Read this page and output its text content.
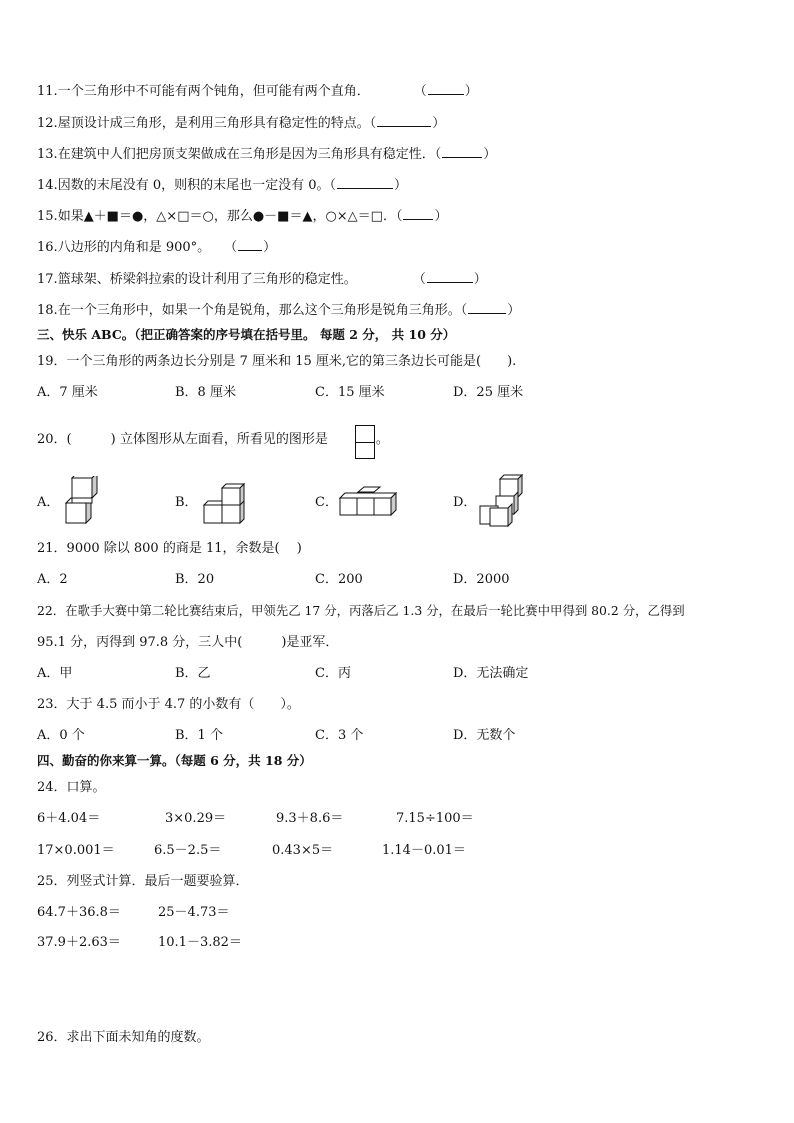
11.一个三角形中不可能有两个钝角，但可能有两个直角．	（	）
12.屋顶设计成三角形，是利用三角形具有稳定性的特点。（	）
13.在建筑中人们把房顶支架做成在三角形是因为三角形具有稳定性．（	）
14.因数的末尾没有 0，则积的末尾也一定没有 0。（	）
15.如果▲＋■＝●，△×□＝○，那么●－■＝▲，○×△＝□．（ ）
16.八边形的内角和是 900°。 （ ）
17.篮球架、桥梁斜拉索的设计利用了三角形的稳定性。	（	）
18.在一个三角形中，如果一个角是锐角，那么这个三角形是锐角三角形。（	）
三、快乐 ABC。（把正确答案的序号填在括号里。 每题 2 分， 共 10 分）
19．一个三角形的两条边长分别是 7 厘米和 15 厘米,它的第三条边长可能是(　　).
A．7 厘米	B．8 厘米	C．15 厘米	D．25 厘米
20．(　　　) 立体图形从左面看，所看见的图形是	。
A．	B．	C．	D．
21．9000 除以 800 的商是 11，余数是(　 )
A．2	B．20	C．200	D．2000
22．在歌手大赛中第二轮比赛结束后，甲领先乙 17 分，丙落后乙 1.3 分，在最后一轮比赛中甲得到 80.2 分，乙得到
95.1 分，丙得到 97.8 分，三人中(　　　)是亚军．
A．甲	B．乙	C．丙	D．无法确定
23．大于 4.5 而小于 4.7 的小数有（　　）。
A．0 个	B．1 个	C．3 个	D．无数个
四、勤奋的你来算一算。（每题 6 分，共 18 分）
24．口算。
6＋4.04＝	3×0.29＝	9.3＋8.6＝	7.15÷100＝
17×0.001＝	6.5－2.5＝	0.43×5＝	1.14－0.01＝
25．列竖式计算．最后一题要验算．
64.7＋36.8＝	25－4.73＝
37.9＋2.63＝	10.1－3.82＝
26．求出下面未知角的度数。
